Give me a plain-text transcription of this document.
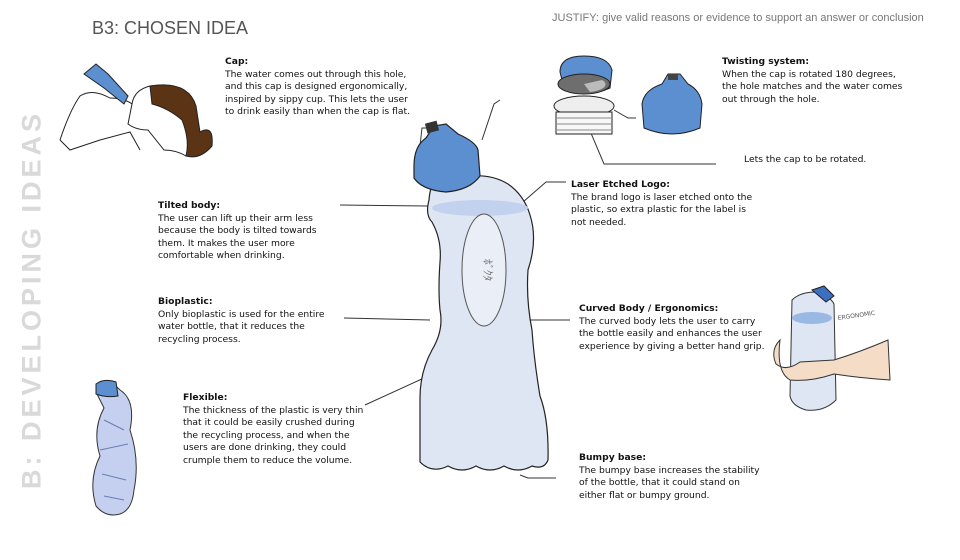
B: DEVELOPING IDEAS
B3: CHOSEN IDEA	JUSTIFY: give valid reasons or evidence to support an answer or conclusion
Cap:
The water comes out through this hole,
and this cap is designed ergonomically,
inspired by sippy cup. This lets the user
to drink easily than when the cap is flat.
Twisting system:
When the cap is rotated 180 degrees,
the hole matches and the water comes
out through the hole.
Lets the cap to be rotated.
Laser Etched Logo:
The brand logo is laser etched onto the
plastic, so extra plastic for the label is
not needed.
Tilted body:
The user can lift up their arm less
because the body is tilted towards
them. It makes the user more
comfortable when drinking.
Bioplastic:
Only bioplastic is used for the entire
water bottle, that it reduces the
recycling process.
Curved Body / Ergonomics:
The curved body lets the user to carry
the bottle easily and enhances the user
experience by giving a better hand grip.
Flexible:
The thickness of the plastic is very thin
that it could be easily crushed during
the recycling process, and when the
users are done drinking, they could
crumple them to reduce the volume.	Bumpy base:
The bumpy base increases the stability
of the bottle, that it could stand on
either flat or bumpy ground.
ﾎﾞｸﾀ
ERGONOMIC
